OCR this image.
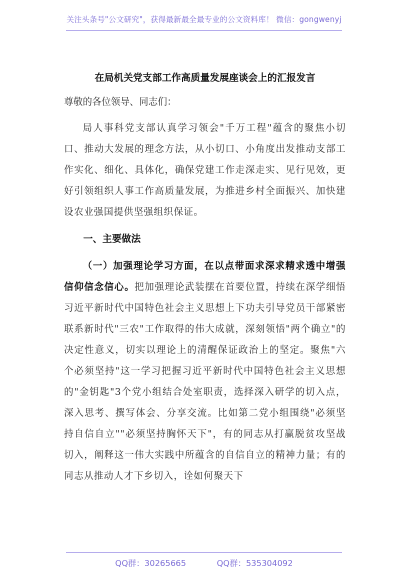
关注头条号"公文研究"，获得最新最全最专业的公文资料库！ 微信：gongwenyj
在局机关党支部工作高质量发展座谈会上的汇报发言
尊敬的各位领导、同志们：

局人事科党支部认真学习领会"千万工程"蕴含的聚焦小切口、推动大发展的理念方法，从小切口、小角度出发推动支部工作实化、细化、具体化，确保党建工作走深走实、见行见效，更好引领组织人事工作高质量发展，为推进乡村全面振兴、加快建设农业强国提供坚强组织保证。

一、主要做法

（一）加强理论学习方面，在以点带面求深求精求透中增强信仰信念信心。把加强理论武装摆在首要位置，持续在深学细悟习近平新时代中国特色社会主义思想上下功夫引导党员干部紧密联系新时代"三农"工作取得的伟大成就，深刻领悟"两个确立"的决定性意义，切实以理论上的清醒保证政治上的坚定。聚焦"六个必须坚持"这一学习把握习近平新时代中国特色社会主义思想的"金钥匙"3个党小组结合处室职责，选择深入研学的切入点，深入思考、撰写体会、分享交流。比如第二党小组围绕"必须坚持自信自立""必须坚持胸怀天下"，有的同志从打赢脱贫攻坚战切入，阐释这一伟大实践中所蕴含的自信自立的精神力量；有的同志从推动人才下乡切入，诠如何聚天下

QQ群：30265665	QQ群：535304092
